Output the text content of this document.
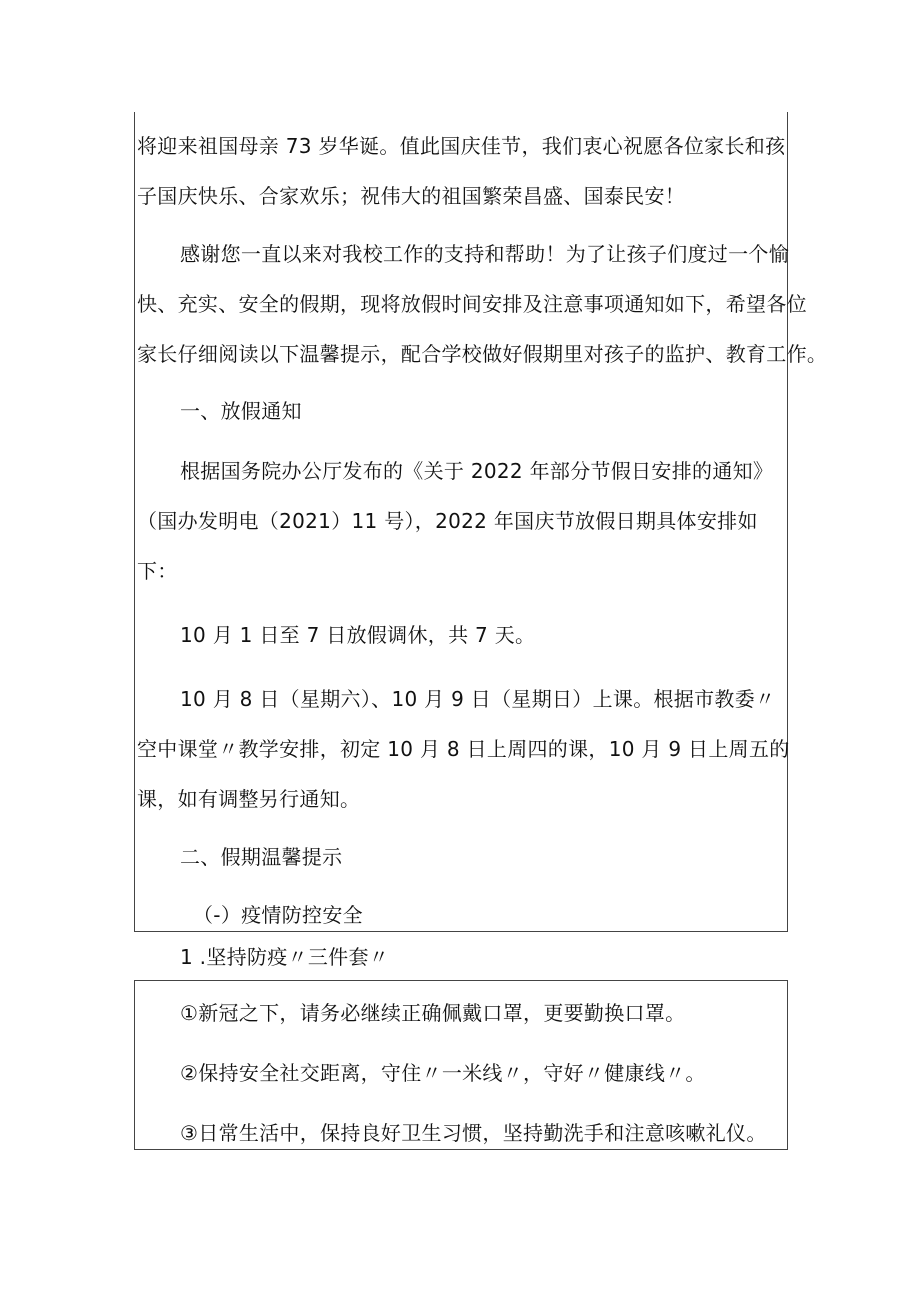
将迎来祖国母亲 73 岁华诞。值此国庆佳节，我们衷心祝愿各位家长和孩
子国庆快乐、合家欢乐；祝伟大的祖国繁荣昌盛、国泰民安！
感谢您一直以来对我校工作的支持和帮助！为了让孩子们度过一个愉
快、充实、安全的假期，现将放假时间安排及注意事项通知如下，希望各位
家长仔细阅读以下温馨提示，配合学校做好假期里对孩子的监护、教育工作。
一、放假通知
根据国务院办公厅发布的《关于 2022 年部分节假日安排的通知》
（国办发明电（2021）11 号），2022 年国庆节放假日期具体安排如
下：
10 月 1 日至 7 日放假调休，共 7 天。
10 月 8 日（星期六）、10 月 9 日（星期日）上课。根据市教委〃
空中课堂〃教学安排，初定 10 月 8 日上周四的课，10 月 9 日上周五的
课，如有调整另行通知。
二、假期温馨提示
（-）疫情防控安全
1 .坚持防疫〃三件套〃
①新冠之下，请务必继续正确佩戴口罩，更要勤换口罩。
②保持安全社交距离，守住〃一米线〃，守好〃健康线〃。
③日常生活中，保持良好卫生习惯，坚持勤洗手和注意咳嗽礼仪。
